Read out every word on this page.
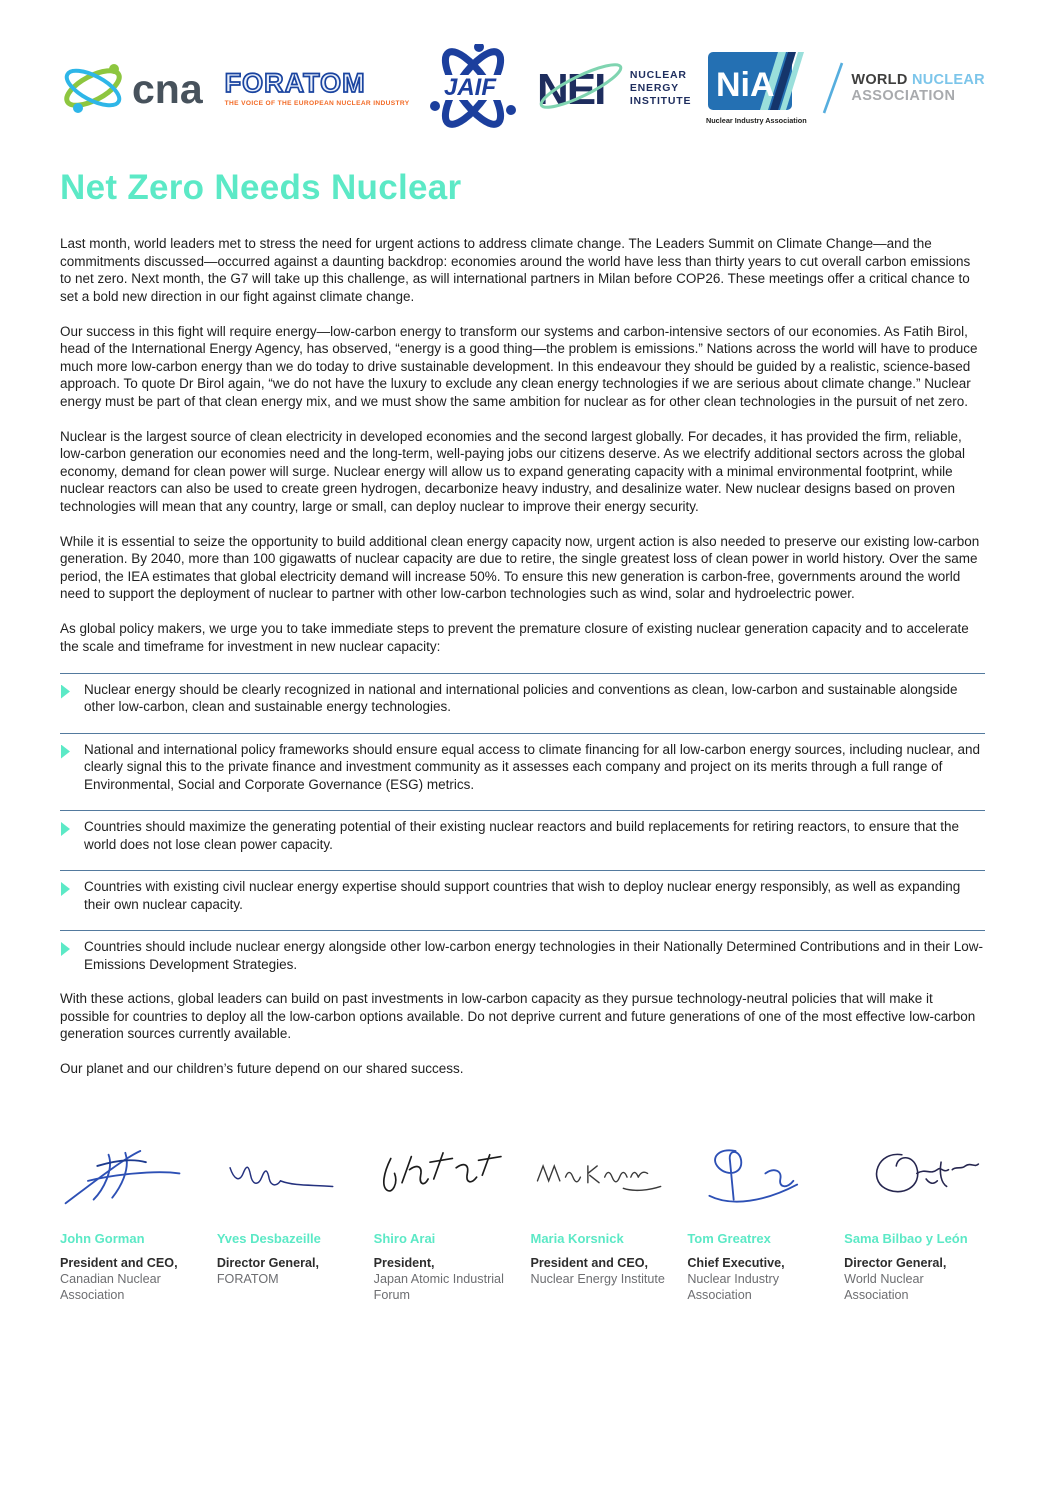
cna FORATOM
THE VOICE OF THE EUROPEAN NUCLEAR INDUSTRY
JAIF NEI NUCLEAR
ENERGY
INSTITUTE NiA
Nuclear Industry Association
WORLD NUCLEAR
ASSOCIATION
Net Zero Needs Nuclear

Last month, world leaders met to stress the need for urgent actions to address climate change. The Leaders Summit on Climate Change—and the commitments discussed—occurred against a daunting backdrop: economies around the world have less than thirty years to cut overall carbon emissions to net zero. Next month, the G7 will take up this challenge, as will international partners in Milan before COP26. These meetings offer a critical chance to set a bold new direction in our fight against climate change.

Our success in this fight will require energy—low-carbon energy to transform our systems and carbon-intensive sectors of our economies. As Fatih Birol, head of the International Energy Agency, has observed, “energy is a good thing—the problem is emissions.” Nations across the world will have to produce much more low-carbon energy than we do today to drive sustainable development. In this endeavour they should be guided by a realistic, science-based approach. To quote Dr Birol again, “we do not have the luxury to exclude any clean energy technologies if we are serious about climate change.” Nuclear energy must be part of that clean energy mix, and we must show the same ambition for nuclear as for other clean technologies in the pursuit of net zero.

Nuclear is the largest source of clean electricity in developed economies and the second largest globally. For decades, it has provided the firm, reliable, low-carbon generation our economies need and the long-term, well-paying jobs our citizens deserve. As we electrify additional sectors across the global economy, demand for clean power will surge. Nuclear energy will allow us to expand generating capacity with a minimal environmental footprint, while nuclear reactors can also be used to create green hydrogen, decarbonize heavy industry, and desalinize water. New nuclear designs based on proven technologies will mean that any country, large or small, can deploy nuclear to improve their energy security.

While it is essential to seize the opportunity to build additional clean energy capacity now, urgent action is also needed to preserve our existing low-carbon generation. By 2040, more than 100 gigawatts of nuclear capacity are due to retire, the single greatest loss of clean power in world history. Over the same period, the IEA estimates that global electricity demand will increase 50%. To ensure this new generation is carbon-free, governments around the world need to support the deployment of nuclear to partner with other low-carbon technologies such as wind, solar and hydroelectric power.

As global policy makers, we urge you to take immediate steps to prevent the premature closure of existing nuclear generation capacity and to accelerate the scale and timeframe for investment in new nuclear capacity:

Nuclear energy should be clearly recognized in national and international policies and conventions as clean, low-carbon and sustainable alongside other low-carbon, clean and sustainable energy technologies.
National and international policy frameworks should ensure equal access to climate financing for all low-carbon energy sources, including nuclear, and clearly signal this to the private finance and investment community as it assesses each company and project on its merits through a full range of Environmental, Social and Corporate Governance (ESG) metrics.
Countries should maximize the generating potential of their existing nuclear reactors and build replacements for retiring reactors, to ensure that the world does not lose clean power capacity.
Countries with existing civil nuclear energy expertise should support countries that wish to deploy nuclear energy responsibly, as well as expanding their own nuclear capacity.
Countries should include nuclear energy alongside other low-carbon energy technologies in their Nationally Determined Contributions and in their Low-Emissions Development Strategies.

With these actions, global leaders can build on past investments in low-carbon capacity as they pursue technology-neutral policies that will make it possible for countries to deploy all the low-carbon options available. Do not deprive current and future generations of one of the most effective low-carbon generation sources currently available.

Our planet and our children’s future depend on our shared success.

John Gorman
President and CEO,
Canadian Nuclear Association
Yves Desbazeille
Director General,
FORATOM
Shiro Arai
President,
Japan Atomic Industrial Forum
Maria Korsnick
President and CEO,
Nuclear Energy Institute
Tom Greatrex
Chief Executive,
Nuclear Industry Association
Sama Bilbao y León
Director General,
World Nuclear Association
